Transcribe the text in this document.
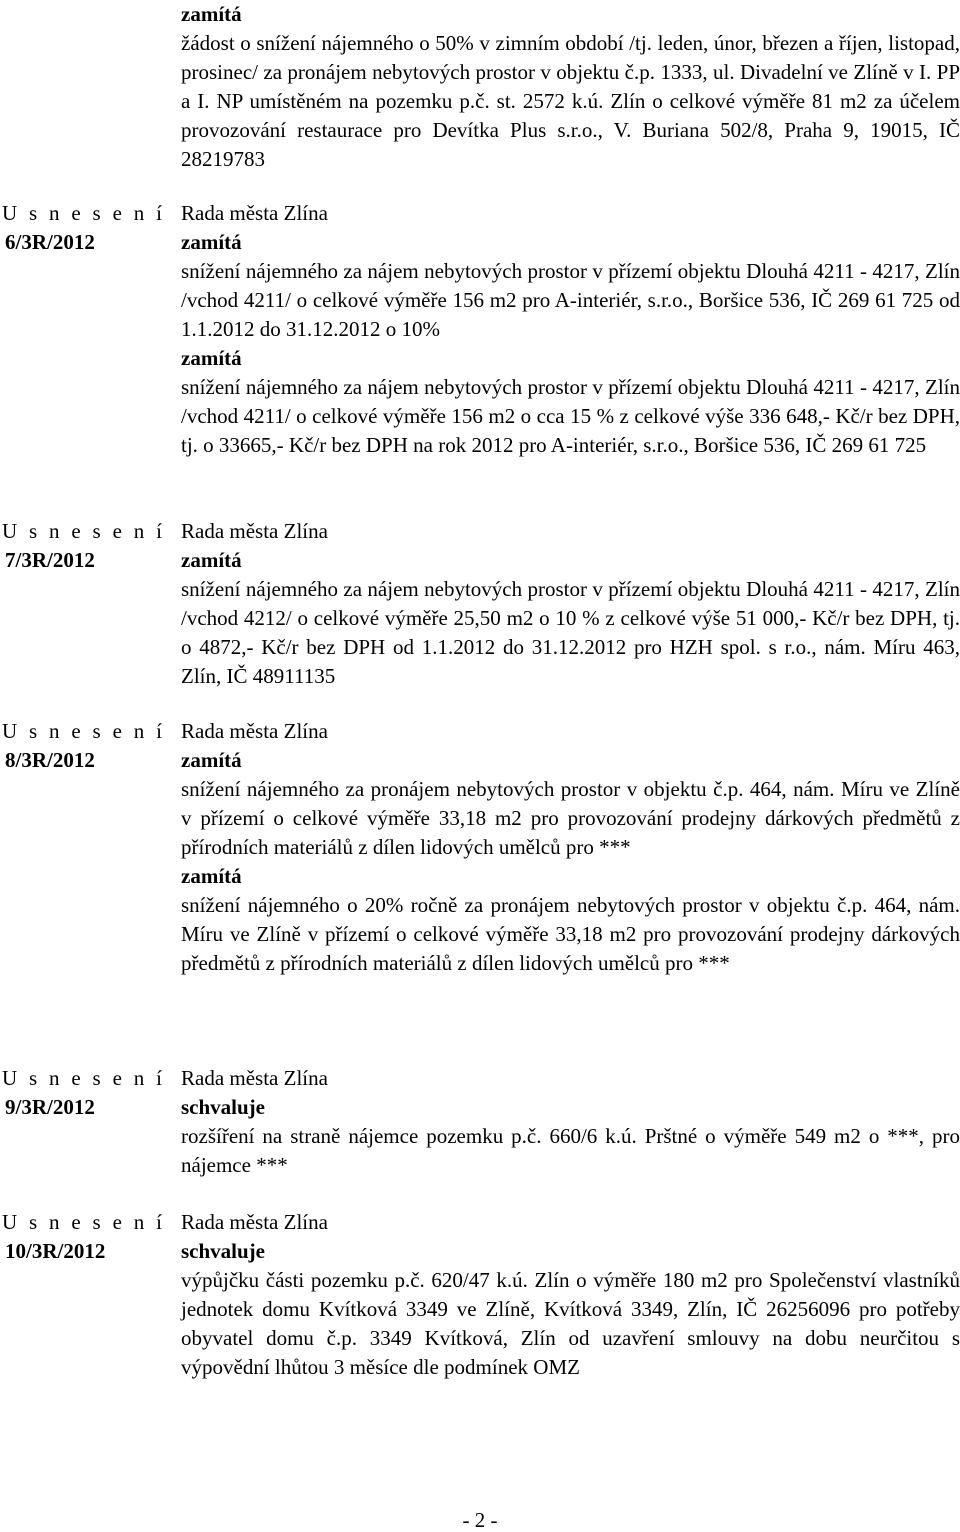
zamítá

žádost o snížení nájemného o 50% v zimním období /tj. leden, únor, březen a říjen, listopad, prosinec/ za pronájem nebytových prostor v objektu č.p. 1333, ul. Divadelní ve Zlíně v I. PP a I. NP umístěném na pozemku p.č. st. 2572 k.ú. Zlín o celkové výměře 81 m2 za účelem provozování restaurace pro Devítka Plus s.r.o., V. Buriana 502/8, Praha 9, 19015, IČ 28219783

U s n e s e n í
6/3R/2012

Rada města Zlína

zamítá

snížení nájemného za nájem nebytových prostor v přízemí objektu Dlouhá 4211 - 4217, Zlín /vchod 4211/ o celkové výměře 156 m2 pro A-interiér, s.r.o., Boršice 536, IČ 269 61 725 od 1.1.2012 do 31.12.2012 o 10%

zamítá

snížení nájemného za nájem nebytových prostor v přízemí objektu Dlouhá 4211 - 4217, Zlín /vchod 4211/ o celkové výměře 156 m2 o cca 15 % z celkové výše 336 648,- Kč/r bez DPH, tj. o 33665,- Kč/r bez DPH na rok 2012 pro A-interiér, s.r.o., Boršice 536, IČ 269 61 725

U s n e s e n í
7/3R/2012

Rada města Zlína

zamítá

snížení nájemného za nájem nebytových prostor v přízemí objektu Dlouhá 4211 - 4217, Zlín /vchod 4212/ o celkové výměře 25,50 m2 o 10 % z celkové výše 51 000,- Kč/r bez DPH, tj. o 4872,- Kč/r bez DPH od 1.1.2012 do 31.12.2012 pro HZH spol. s r.o., nám. Míru 463, Zlín, IČ 48911135

U s n e s e n í
8/3R/2012

Rada města Zlína

zamítá

snížení nájemného za pronájem nebytových prostor v objektu č.p. 464, nám. Míru ve Zlíně v přízemí o celkové výměře 33,18 m2 pro provozování prodejny dárkových předmětů z přírodních materiálů z dílen lidových umělců pro ***

zamítá

snížení nájemného o 20% ročně za pronájem nebytových prostor v objektu č.p. 464, nám. Míru ve Zlíně v přízemí o celkové výměře 33,18 m2 pro provozování prodejny dárkových předmětů z přírodních materiálů z dílen lidových umělců pro ***

U s n e s e n í
9/3R/2012

Rada města Zlína

schvaluje

rozšíření na straně nájemce pozemku p.č. 660/6 k.ú. Prštné o výměře 549 m2 o ***, pro nájemce ***

U s n e s e n í
10/3R/2012

Rada města Zlína

schvaluje

výpůjčku části pozemku p.č. 620/47 k.ú. Zlín o výměře 180 m2 pro Společenství vlastníků jednotek domu Kvítková 3349 ve Zlíně, Kvítková 3349, Zlín, IČ 26256096 pro potřeby obyvatel domu č.p. 3349 Kvítková, Zlín od uzavření smlouvy na dobu neurčitou s výpovědní lhůtou 3 měsíce dle podmínek OMZ

- 2 -
